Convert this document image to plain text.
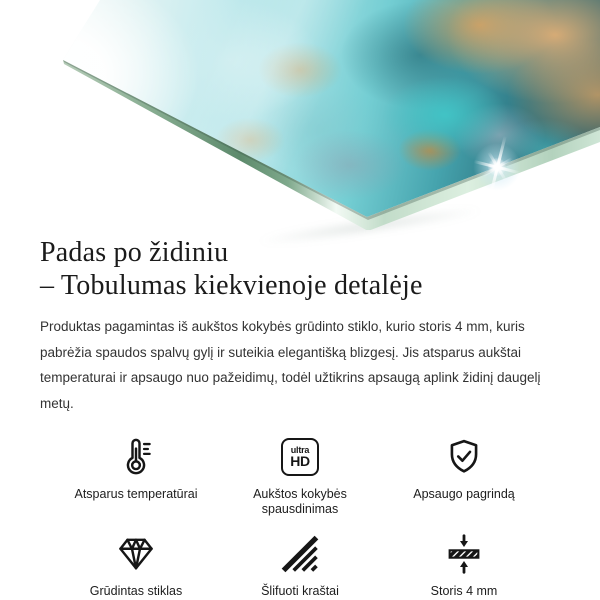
Padas po židiniu
– Tobulumas kiekvienoje detalėje

Produktas pagamintas iš aukštos kokybės grūdinto stiklo, kurio storis 4 mm, kuris pabrėžia spaudos spalvų gylį ir suteikia elegantišką blizgesį. Jis atsparus aukštai temperaturai ir apsaugo nuo pažeidimų, todėl užtikrins apsaugą aplink židinį daugelį metų.

Atsparus temperatūrai
ultra
HD
Aukštos kokybės spausdinimas
Apsaugo pagrindą
Grūdintas stiklas	Šlifuoti kraštai	Storis 4 mm
